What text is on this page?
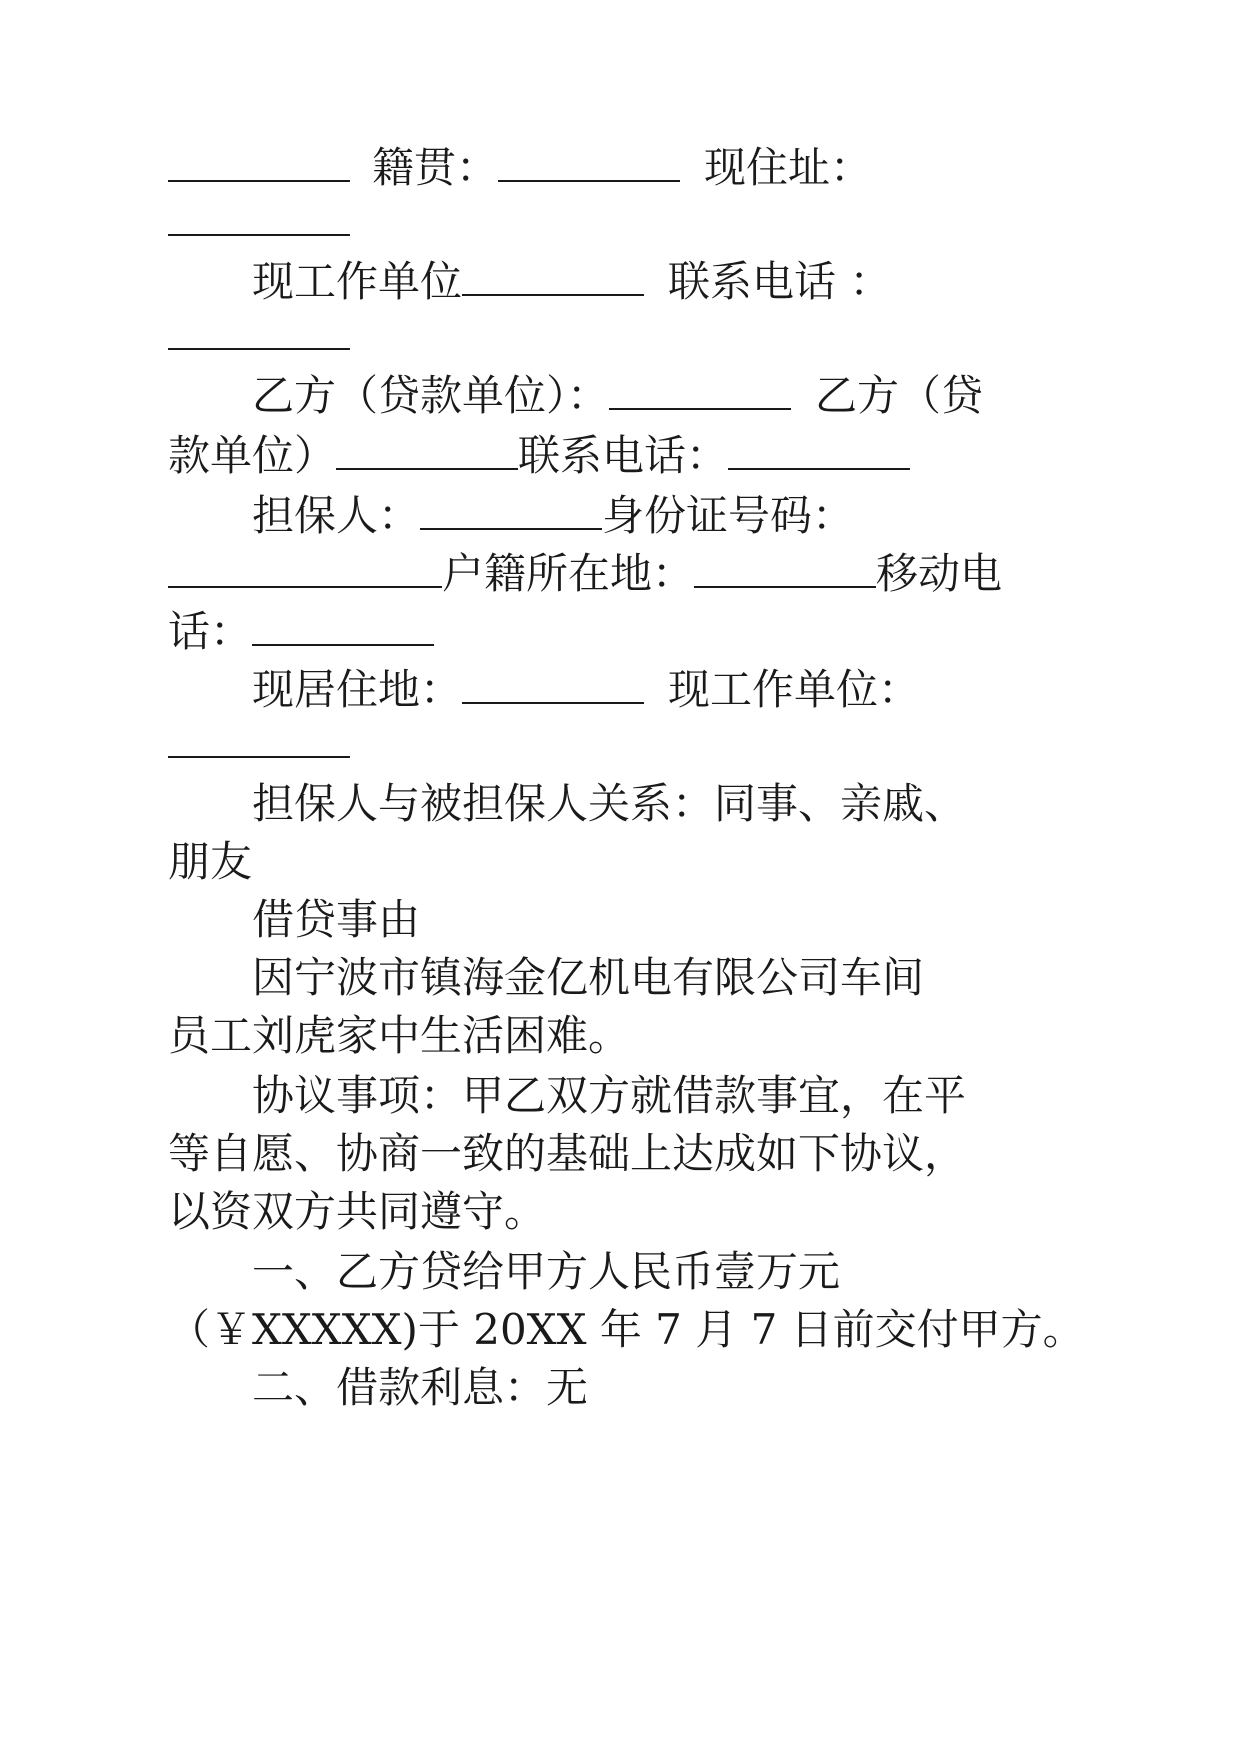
籍贯：	现住址：
现工作单位	联系电话 ：
乙方（贷款单位）：	乙方（贷
款单位）	联系电话：
担保人：	身份证号码：
户籍所在地：	移动电
话：
现居住地：	现工作单位：
担保人与被担保人关系：同事、亲戚、
朋友
借贷事由
因宁波市镇海金亿机电有限公司车间
员工刘虎家中生活困难。
协议事项：甲乙双方就借款事宜，在平
等自愿、协商一致的基础上达成如下协议，
以资双方共同遵守。
一、乙方贷给甲方人民币壹万元
（￥XXXXX)于 20XX 年 7 月 7 日前交付甲方。
二、借款利息：无
